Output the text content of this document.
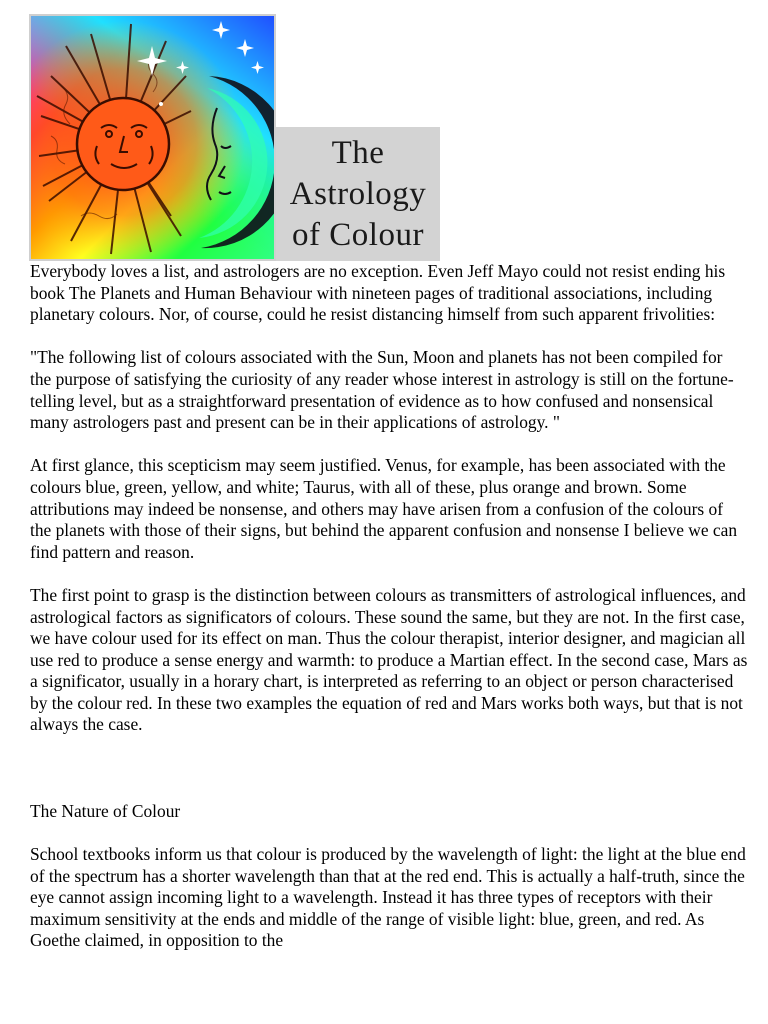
The
Astrology
of Colour

Everybody loves a list, and astrologers are no exception. Even Jeff Mayo could not resist ending his book The Planets and Human Behaviour with nineteen pages of traditional associations, including planetary colours. Nor, of course, could he resist distancing himself from such apparent frivolities:

"The following list of colours associated with the Sun, Moon and planets has not been compiled for the purpose of satisfying the curiosity of any reader whose interest in astrology is still on the fortune-telling level, but as a straightforward presentation of evidence as to how confused and nonsensical many astrologers past and present can be in their applications of astrology. "

At first glance, this scepticism may seem justified. Venus, for example, has been associated with the colours blue, green, yellow, and white; Taurus, with all of these, plus orange and brown. Some attributions may indeed be nonsense, and others may have arisen from a confusion of the colours of the planets with those of their signs, but behind the apparent confusion and nonsense I believe we can find pattern and reason.

The first point to grasp is the distinction between colours as transmitters of astrological influences, and astrological factors as significators of colours. These sound the same, but they are not. In the first case, we have colour used for its effect on man. Thus the colour therapist, interior designer, and magician all use red to produce a sense energy and warmth: to produce a Martian effect. In the second case, Mars as a significator, usually in a horary chart, is interpreted as referring to an object or person characterised by the colour red. In these two examples the equation of red and Mars works both ways, but that is not always the case.

The Nature of Colour

School textbooks inform us that colour is produced by the wavelength of light: the light at the blue end of the spectrum has a shorter wavelength than that at the red end. This is actually a half-truth, since the eye cannot assign incoming light to a wavelength. Instead it has three types of receptors with their maximum sensitivity at the ends and middle of the range of visible light: blue, green, and red. As Goethe claimed, in opposition to the
